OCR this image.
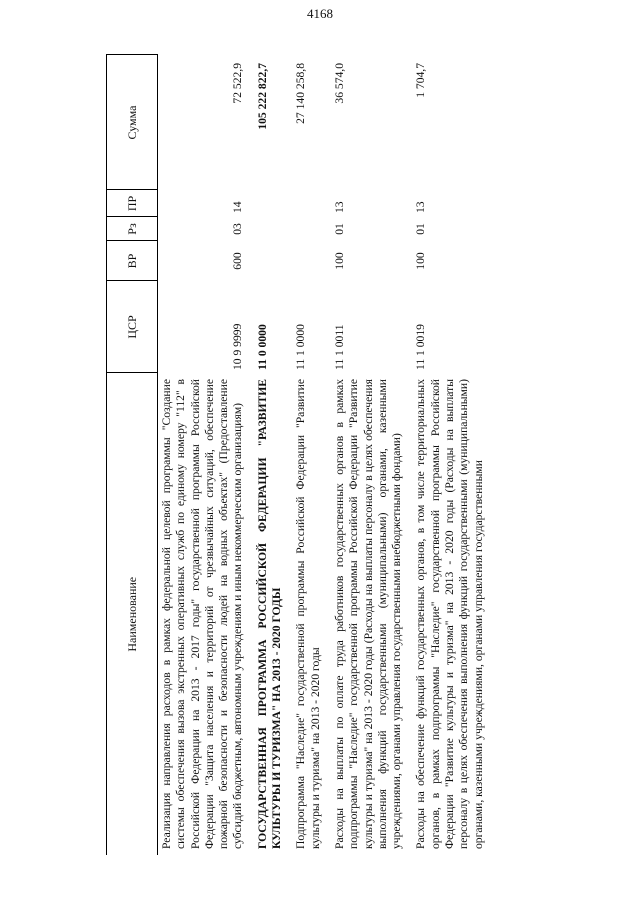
4168
Наименование	ЦСР	ВР	Рз	ПР	Сумма
Реализация направления расходов в рамках федеральной целевой программы "Создание системы обеспечения вызова экстренных оперативных служб по единому номеру "112" в Российской Федерации на 2013 - 2017 годы" государственной программы Российской Федерации "Защита населения и территорий от чрезвычайных ситуаций, обеспечение пожарной безопасности и безопасности людей на водных объектах" (Предоставление субсидий бюджетным, автономным учреждениям и иным некоммерческим организациям)	10 9 9999	600	03	14	72 522,9
ГОСУДАРСТВЕННАЯ ПРОГРАММА РОССИЙСКОЙ ФЕДЕРАЦИИ "РАЗВИТИЕ КУЛЬТУРЫ И ТУРИЗМА" НА 2013 - 2020 ГОДЫ	11 0 0000				105 222 822,7
Подпрограмма "Наследие" государственной программы Российской Федерации "Развитие культуры и туризма" на 2013 - 2020 годы	11 1 0000				27 140 258,8
Расходы на выплаты по оплате труда работников государственных органов в рамках подпрограммы "Наследие" государственной программы Российской Федерации "Развитие культуры и туризма" на 2013 - 2020 годы (Расходы на выплаты персоналу в целях обеспечения выполнения функций государственными (муниципальными) органами, казенными учреждениями, органами управления государственными внебюджетными фондами)	11 1 0011	100	01	13	36 574,0
Расходы на обеспечение функций государственных органов, в том числе территориальных органов, в рамках подпрограммы "Наследие" государственной программы Российской Федерации "Развитие культуры и туризма" на 2013 - 2020 годы (Расходы на выплаты персоналу в целях обеспечения выполнения функций государственными (муниципальными) органами, казенными учреждениями, органами управления государственными	11 1 0019	100	01	13	1 704,7
